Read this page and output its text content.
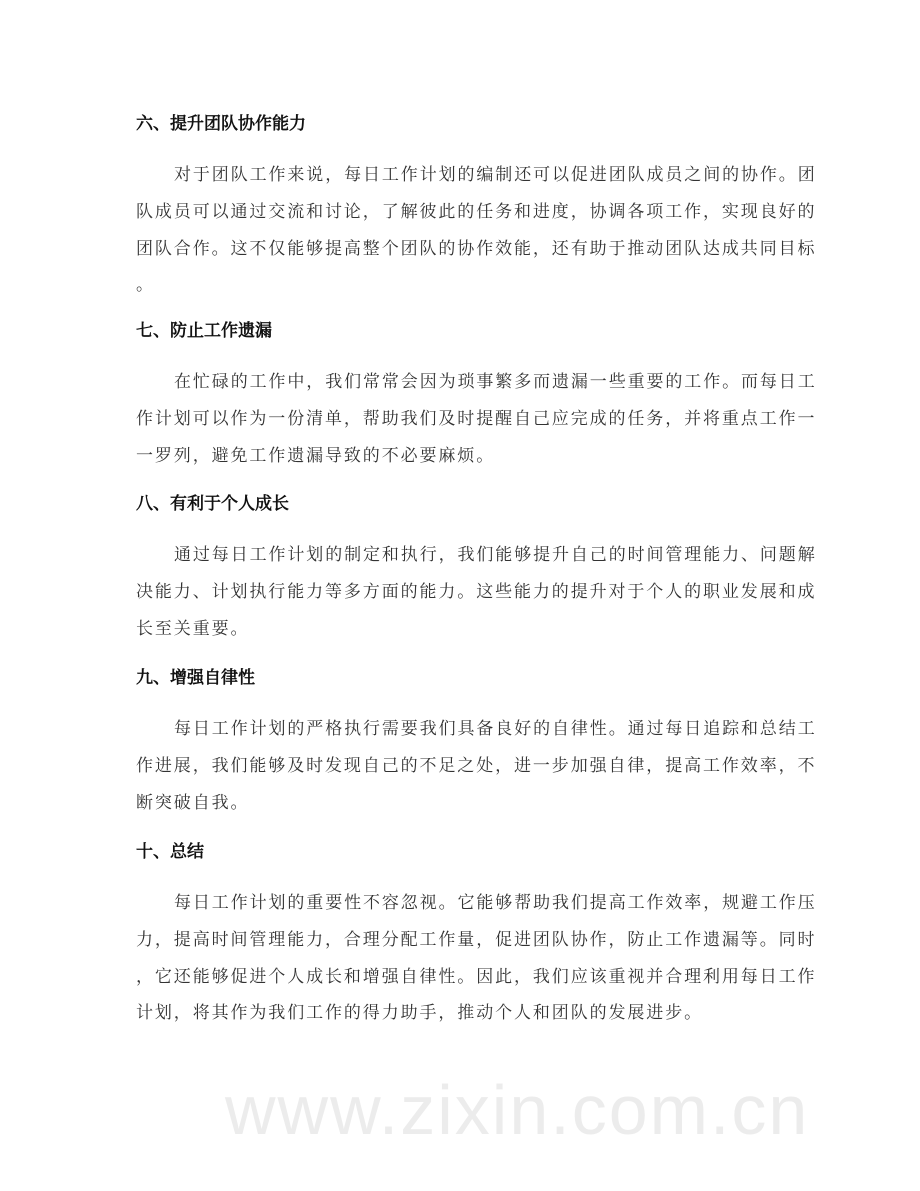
www.zixin.com.cn
六、提升团队协作能力
对于团队工作来说，每日工作计划的编制还可以促进团队成员之间的协作。团
队成员可以通过交流和讨论，了解彼此的任务和进度，协调各项工作，实现良好的
团队合作。这不仅能够提高整个团队的协作效能，还有助于推动团队达成共同目标
。
七、防止工作遗漏
在忙碌的工作中，我们常常会因为琐事繁多而遗漏一些重要的工作。而每日工
作计划可以作为一份清单，帮助我们及时提醒自己应完成的任务，并将重点工作一
一罗列，避免工作遗漏导致的不必要麻烦。
八、有利于个人成长
通过每日工作计划的制定和执行，我们能够提升自己的时间管理能力、问题解
决能力、计划执行能力等多方面的能力。这些能力的提升对于个人的职业发展和成
长至关重要。
九、增强自律性
每日工作计划的严格执行需要我们具备良好的自律性。通过每日追踪和总结工
作进展，我们能够及时发现自己的不足之处，进一步加强自律，提高工作效率，不
断突破自我。
十、总结
每日工作计划的重要性不容忽视。它能够帮助我们提高工作效率，规避工作压
力，提高时间管理能力，合理分配工作量，促进团队协作，防止工作遗漏等。同时
，它还能够促进个人成长和增强自律性。因此，我们应该重视并合理利用每日工作
计划，将其作为我们工作的得力助手，推动个人和团队的发展进步。
